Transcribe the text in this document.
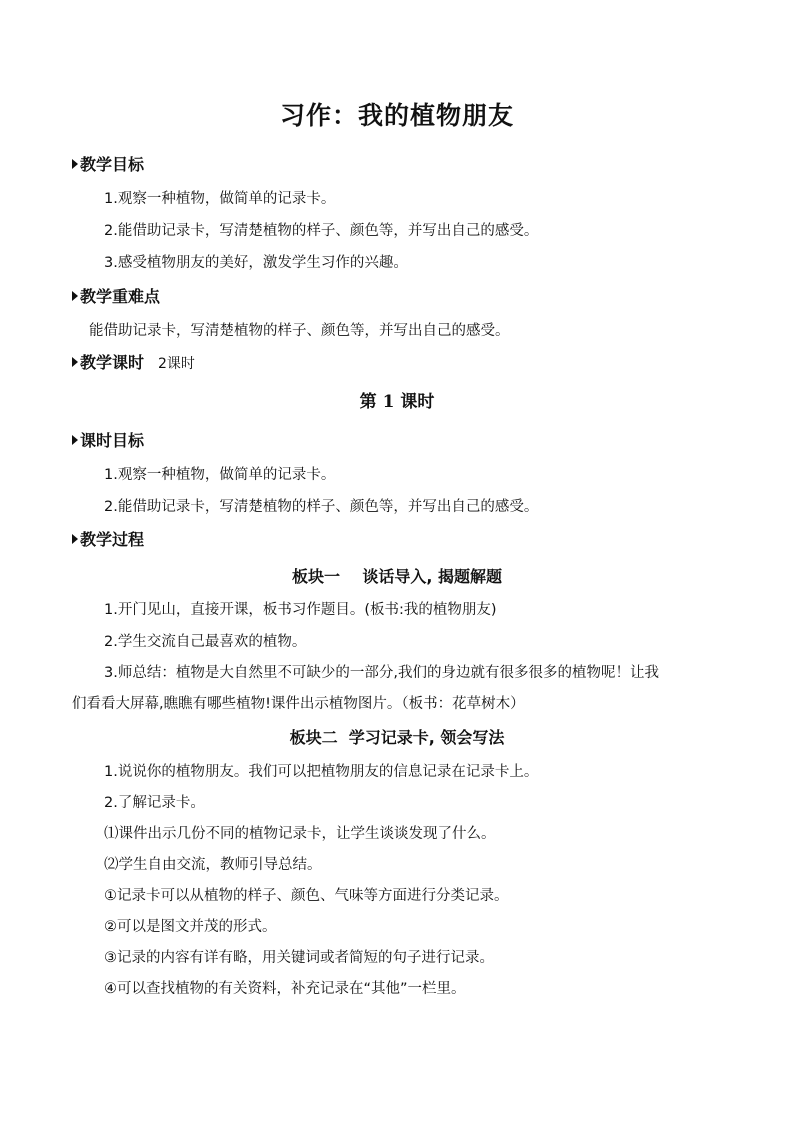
习作：我的植物朋友
教学目标
1.观察一种植物，做简单的记录卡。
2.能借助记录卡，写清楚植物的样子、颜色等，并写出自己的感受。
3.感受植物朋友的美好，激发学生习作的兴趣。
教学重难点
能借助记录卡，写清楚植物的样子、颜色等，并写出自己的感受。
教学课时 2课时
第 1 课时
课时目标
1.观察一种植物，做简单的记录卡。
2.能借助记录卡，写清楚植物的样子、颜色等，并写出自己的感受。
教学过程
板块一    谈话导入, 揭题解题
1.开门见山，直接开课，板书习作题目。(板书:我的植物朋友)
2.学生交流自己最喜欢的植物。
3.师总结：植物是大自然里不可缺少的一部分,我们的身边就有很多很多的植物呢！让我
们看看大屏幕,瞧瞧有哪些植物!课件出示植物图片。（板书：花草树木）
板块二  学习记录卡, 领会写法
1.说说你的植物朋友。我们可以把植物朋友的信息记录在记录卡上。
2.了解记录卡。
⑴课件出示几份不同的植物记录卡，让学生谈谈发现了什么。
⑵学生自由交流，教师引导总结。
①记录卡可以从植物的样子、颜色、气味等方面进行分类记录。
②可以是图文并茂的形式。
③记录的内容有详有略，用关键词或者简短的句子进行记录。
④可以查找植物的有关资料，补充记录在“其他”一栏里。
